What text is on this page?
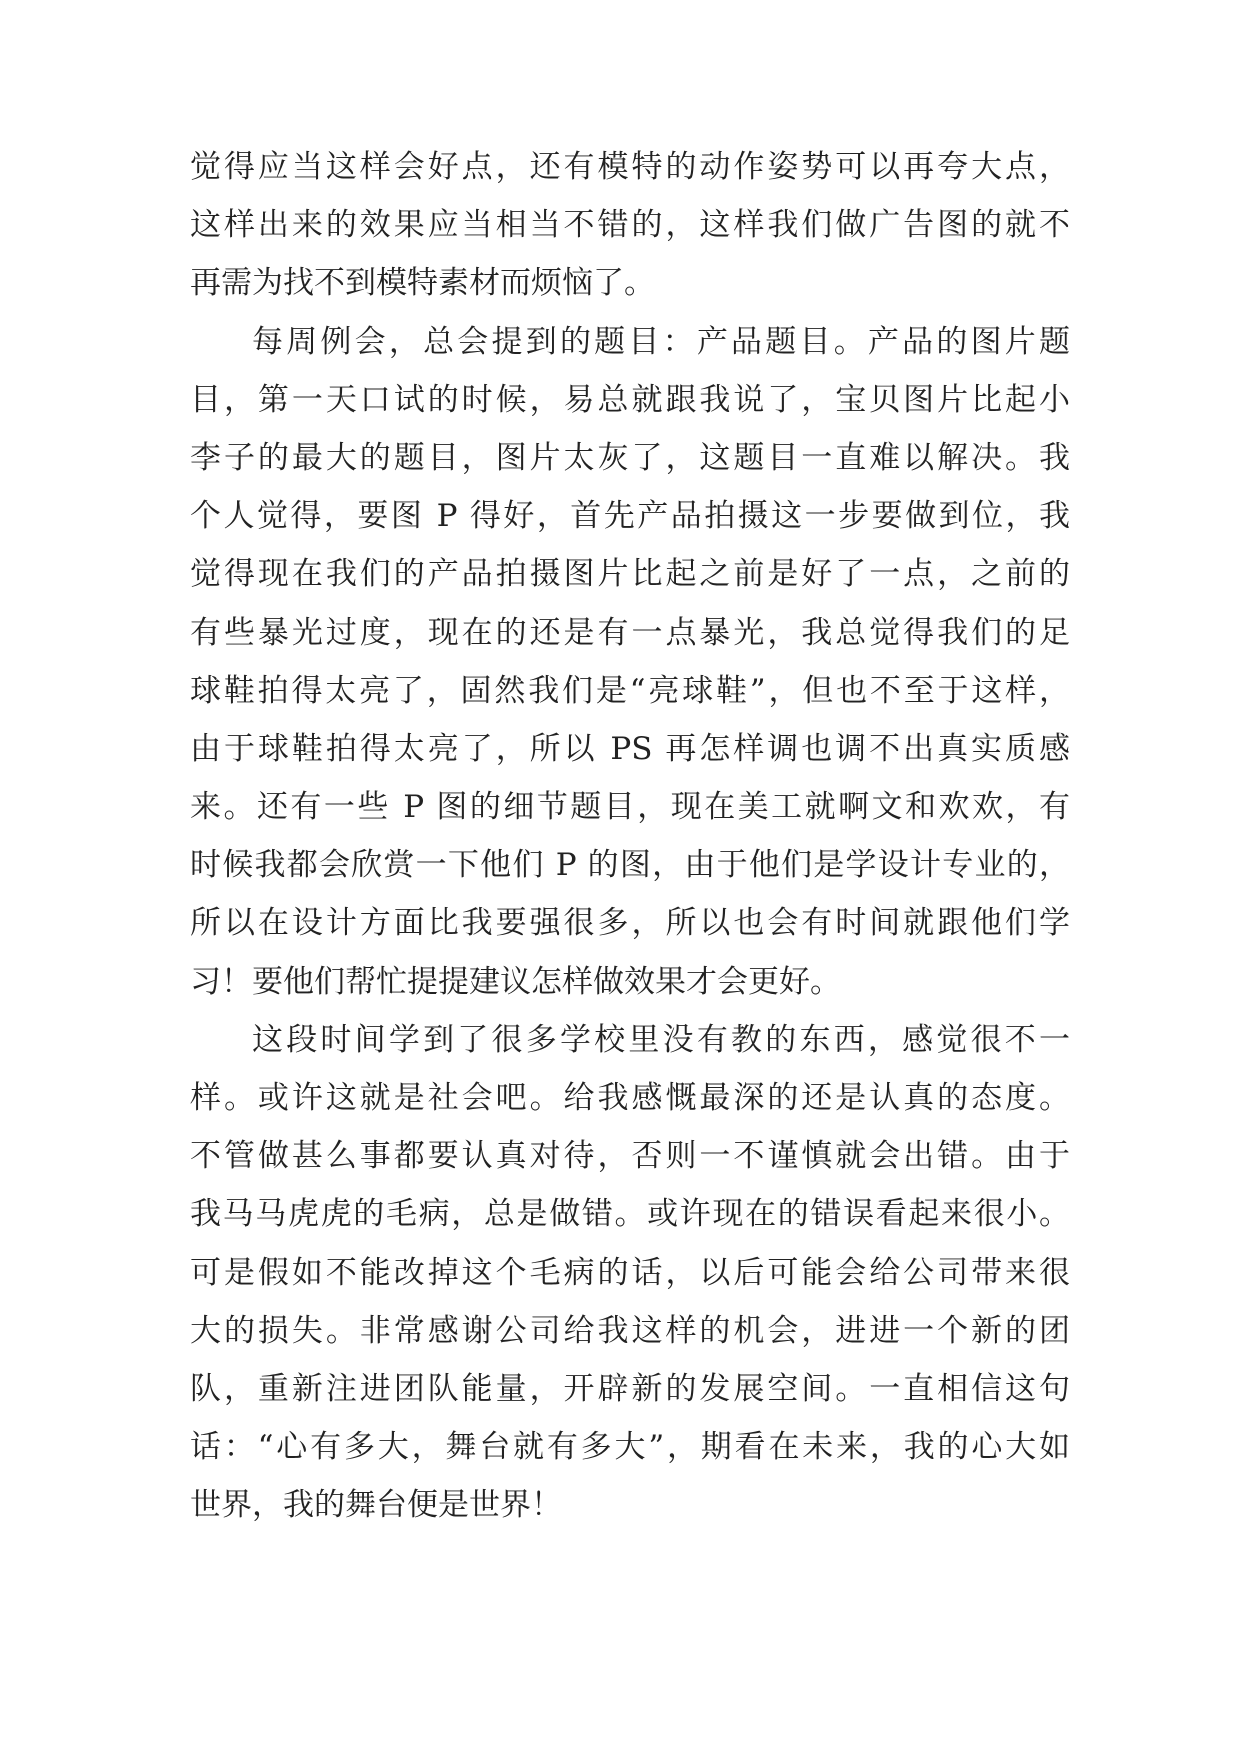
觉得应当这样会好点，还有模特的动作姿势可以再夸大点，
这样出来的效果应当相当不错的，这样我们做广告图的就不
再需为找不到模特素材而烦恼了。
每周例会，总会提到的题目：产品题目。产品的图片题
目，第一天口试的时候，易总就跟我说了，宝贝图片比起小
李子的最大的题目，图片太灰了，这题目一直难以解决。我
个人觉得，要图 P 得好，首先产品拍摄这一步要做到位，我
觉得现在我们的产品拍摄图片比起之前是好了一点，之前的
有些暴光过度，现在的还是有一点暴光，我总觉得我们的足
球鞋拍得太亮了，固然我们是“亮球鞋”，但也不至于这样，
由于球鞋拍得太亮了，所以 PS 再怎样调也调不出真实质感
来。还有一些 P 图的细节题目，现在美工就啊文和欢欢，有
时候我都会欣赏一下他们 P 的图，由于他们是学设计专业的，
所以在设计方面比我要强很多，所以也会有时间就跟他们学
习！要他们帮忙提提建议怎样做效果才会更好。
这段时间学到了很多学校里没有教的东西，感觉很不一
样。或许这就是社会吧。给我感慨最深的还是认真的态度。
不管做甚么事都要认真对待，否则一不谨慎就会出错。由于
我马马虎虎的毛病，总是做错。或许现在的错误看起来很小。
可是假如不能改掉这个毛病的话，以后可能会给公司带来很
大的损失。非常感谢公司给我这样的机会，进进一个新的团
队，重新注进团队能量，开辟新的发展空间。一直相信这句
话：“心有多大，舞台就有多大”，期看在未来，我的心大如
世界，我的舞台便是世界！
